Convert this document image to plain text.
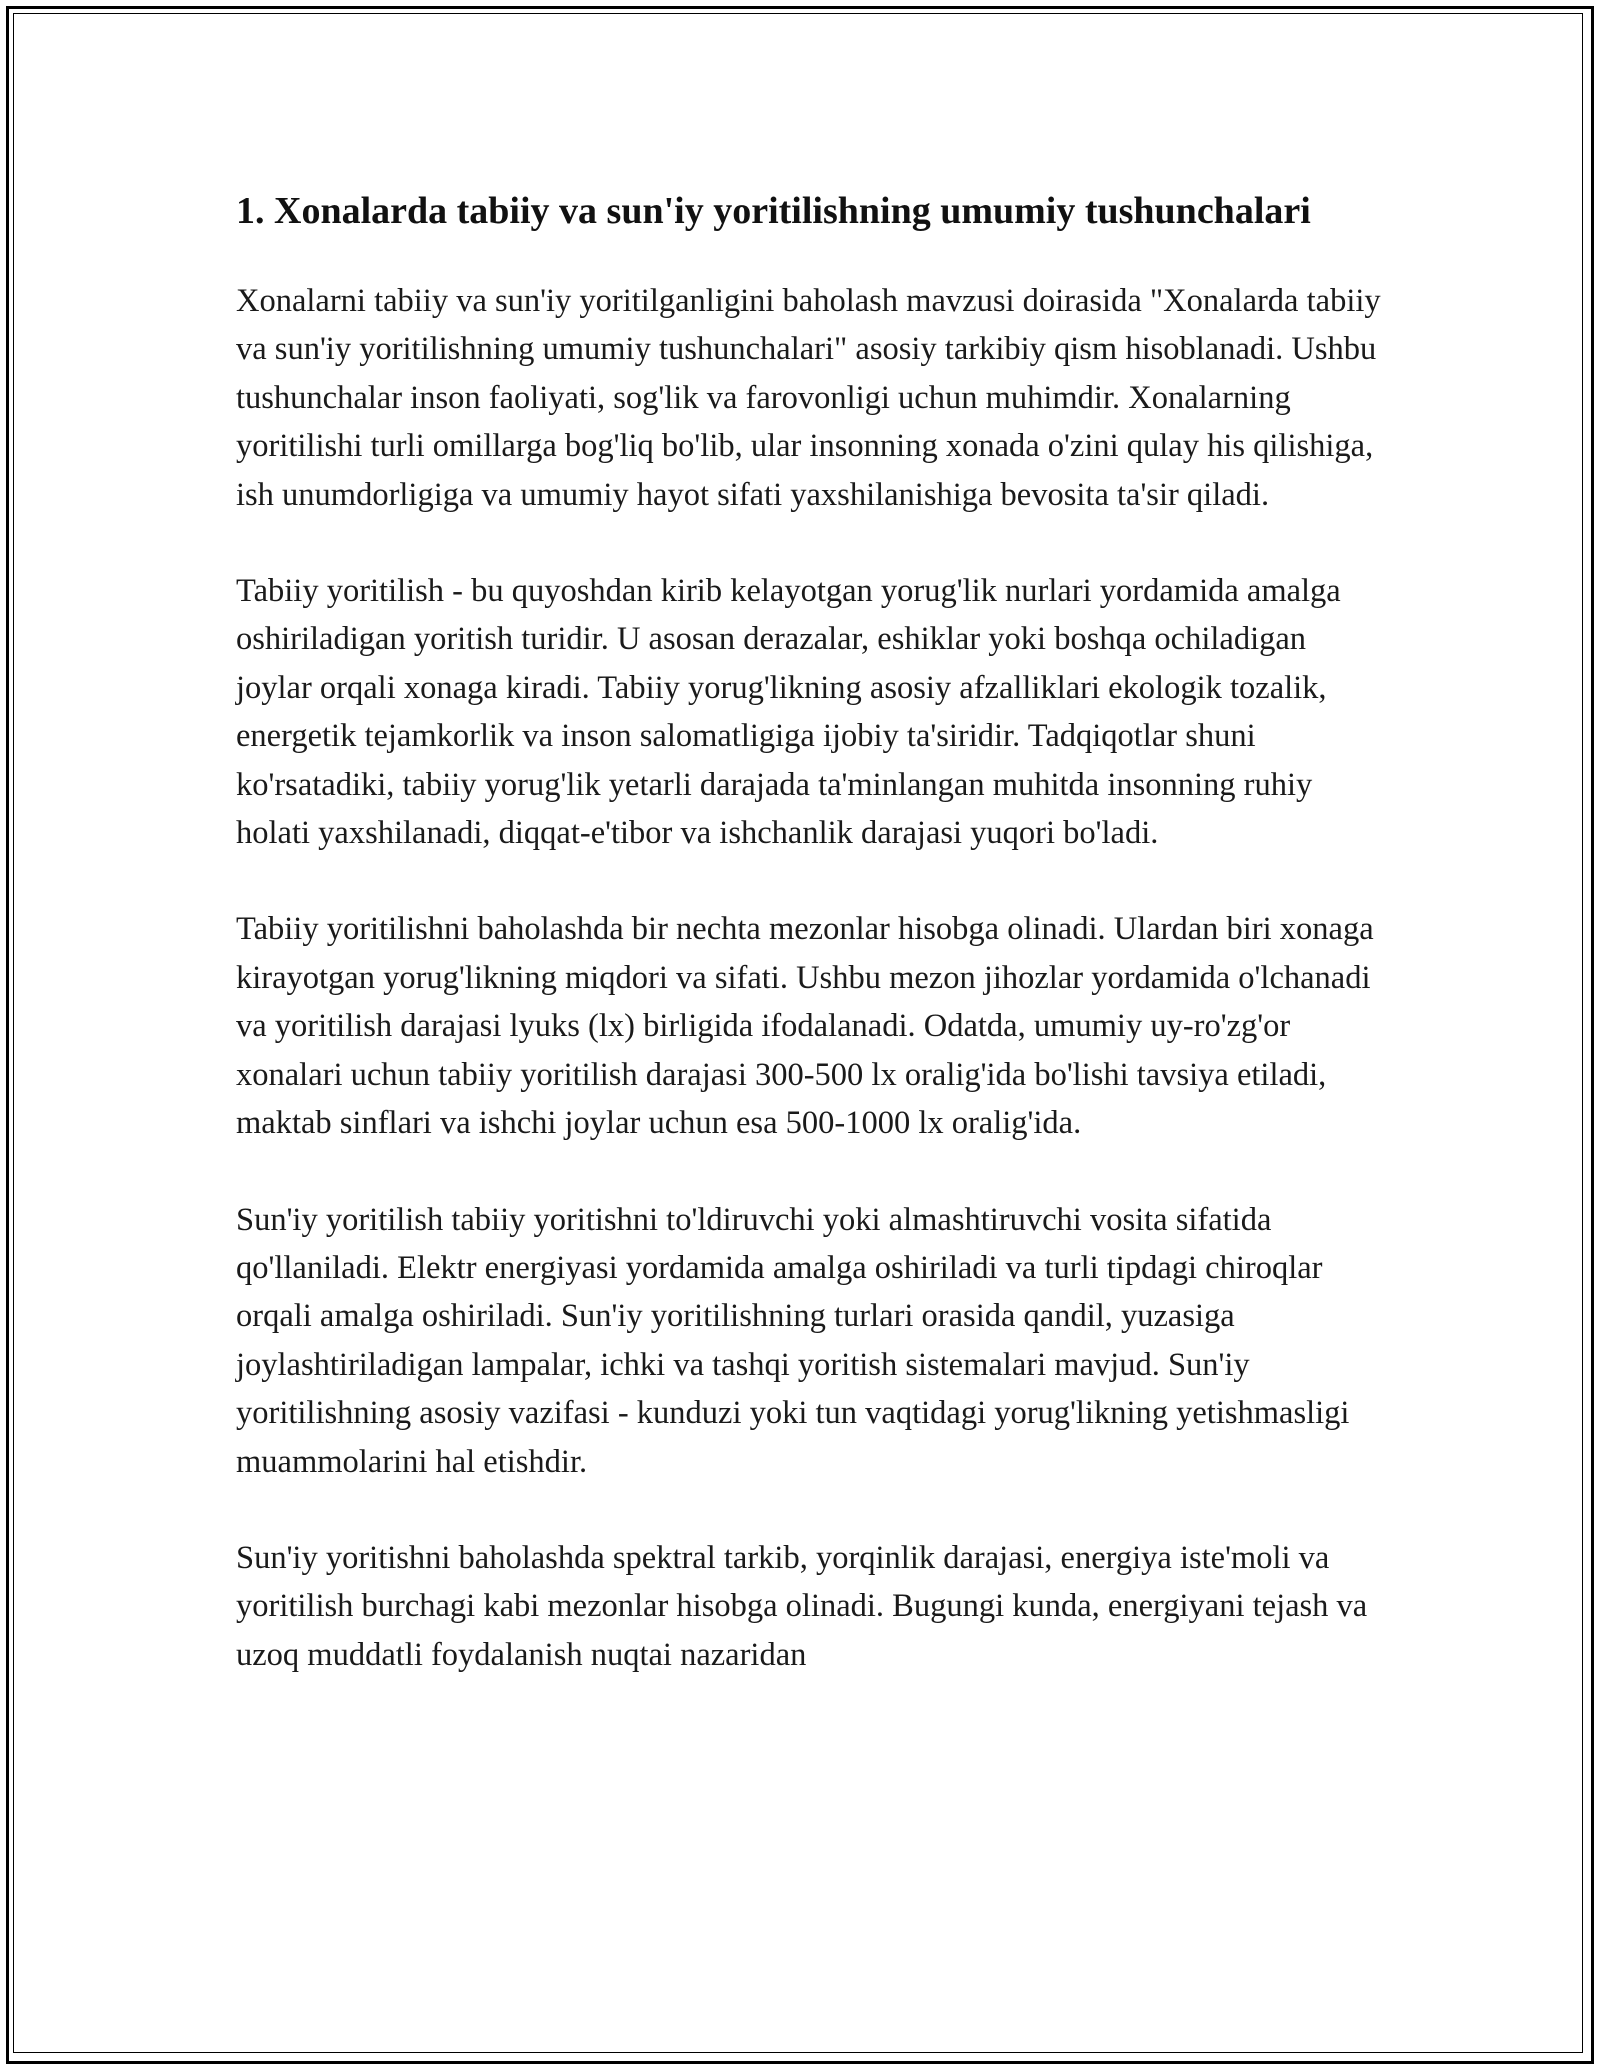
1. Xonalarda tabiiy va sun'iy yoritilishning umumiy tushunchalari

Xonalarni tabiiy va sun'iy yoritilganligini baholash mavzusi doirasida "Xonalarda tabiiy va sun'iy yoritilishning umumiy tushunchalari" asosiy tarkibiy qism hisoblanadi. Ushbu tushunchalar inson faoliyati, sog'lik va farovonligi uchun muhimdir. Xonalarning yoritilishi turli omillarga bog'liq bo'lib, ular insonning xonada o'zini qulay his qilishiga, ish unumdorligiga va umumiy hayot sifati yaxshilanishiga bevosita ta'sir qiladi.

Tabiiy yoritilish - bu quyoshdan kirib kelayotgan yorug'lik nurlari yordamida amalga oshiriladigan yoritish turidir. U asosan derazalar, eshiklar yoki boshqa ochiladigan joylar orqali xonaga kiradi. Tabiiy yorug'likning asosiy afzalliklari ekologik tozalik, energetik tejamkorlik va inson salomatligiga ijobiy ta'siridir. Tadqiqotlar shuni ko'rsatadiki, tabiiy yorug'lik yetarli darajada ta'minlangan muhitda insonning ruhiy holati yaxshilanadi, diqqat-e'tibor va ishchanlik darajasi yuqori bo'ladi.

Tabiiy yoritilishni baholashda bir nechta mezonlar hisobga olinadi. Ulardan biri xonaga kirayotgan yorug'likning miqdori va sifati. Ushbu mezon jihozlar yordamida o'lchanadi va yoritilish darajasi lyuks (lx) birligida ifodalanadi. Odatda, umumiy uy-ro'zg'or xonalari uchun tabiiy yoritilish darajasi 300-500 lx oralig'ida bo'lishi tavsiya etiladi, maktab sinflari va ishchi joylar uchun esa 500-1000 lx oralig'ida.

Sun'iy yoritilish tabiiy yoritishni to'ldiruvchi yoki almashtiruvchi vosita sifatida qo'llaniladi. Elektr energiyasi yordamida amalga oshiriladi va turli tipdagi chiroqlar orqali amalga oshiriladi. Sun'iy yoritilishning turlari orasida qandil, yuzasiga joylashtiriladigan lampalar, ichki va tashqi yoritish sistemalari mavjud. Sun'iy yoritilishning asosiy vazifasi - kunduzi yoki tun vaqtidagi yorug'likning yetishmasligi muammolarini hal etishdir.

Sun'iy yoritishni baholashda spektral tarkib, yorqinlik darajasi, energiya iste'moli va yoritilish burchagi kabi mezonlar hisobga olinadi. Bugungi kunda, energiyani tejash va uzoq muddatli foydalanish nuqtai nazaridan
